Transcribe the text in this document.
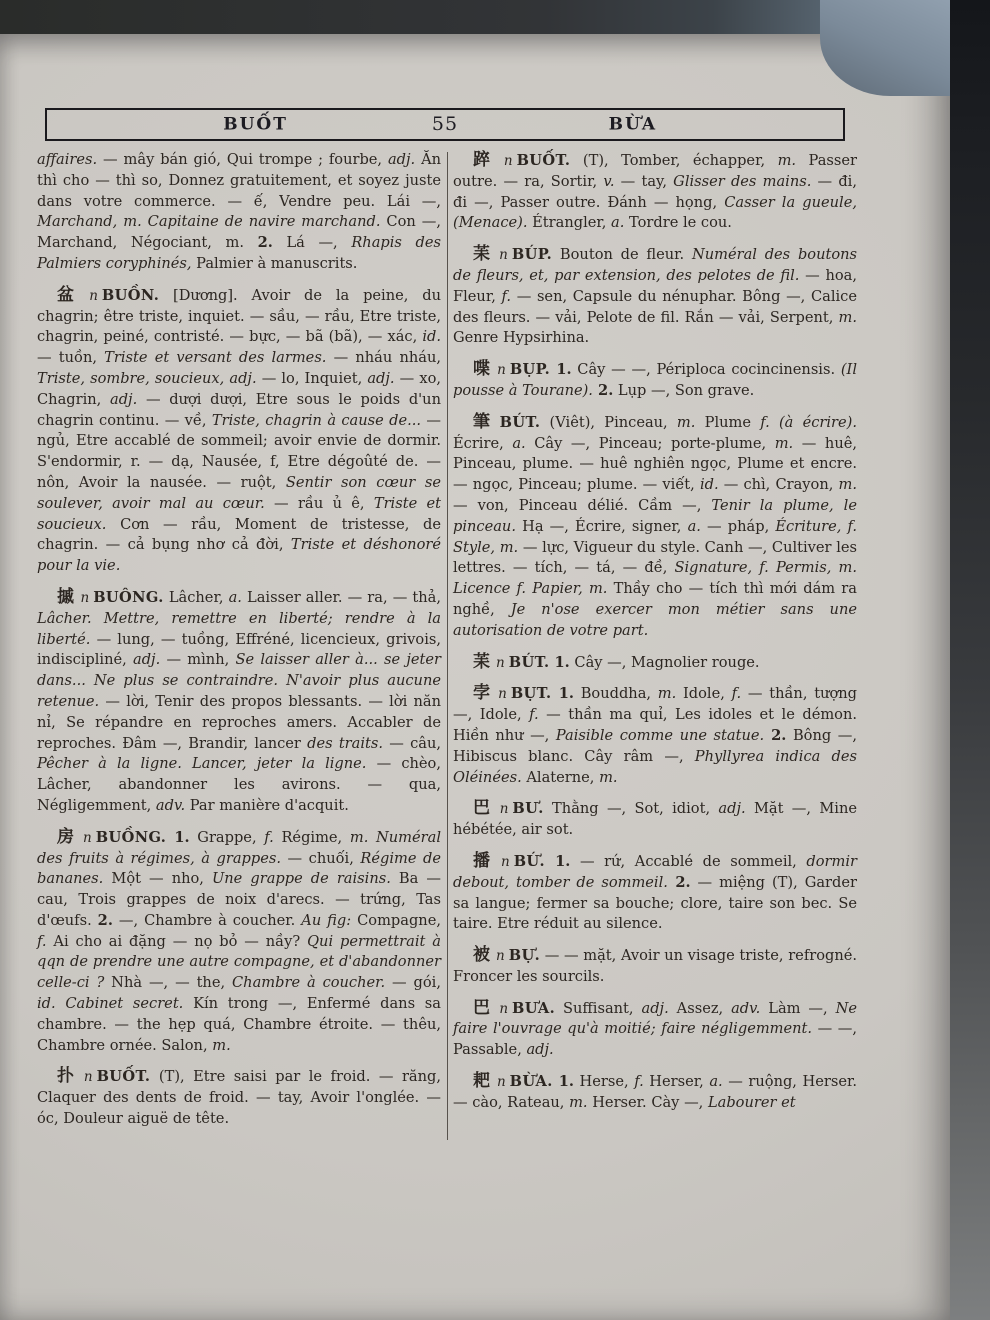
BUỐT	55	BỪA

affaires. — mây bán gió, Qui trompe ; fourbe, adj. Ăn thì cho — thì so, Donnez gratuitement, et soyez juste dans votre commerce. — ế, Vendre peu. Lái —, Marchand, m. Capitaine de navire marchand. Con —, Marchand, Négociant, m. 2. Lá —, Rhapis des Palmiers coryphinés, Palmier à manuscrits.

盆 n BUỒN. [Dương]. Avoir de la peine, du chagrin; être triste, inquiet. — sầu, — rầu, Etre triste, chagrin, peiné, contristé. — bực, — bã (bã), — xác, id. — tuồn, Triste et versant des larmes. — nháu nháu, Triste, sombre, soucieux, adj. — lo, Inquiet, adj. — xo, Chagrin, adj. — dượi dượi, Etre sous le poids d'un chagrin continu. — về, Triste, chagrin à cause de... — ngủ, Etre accablé de sommeil; avoir envie de dormir. S'endormir, r. — dạ, Nausée, f, Etre dégoûté de. — nôn, Avoir la nausée. — ruột, Sentir son cœur se soulever, avoir mal au cœur. — rầu ủ ê, Triste et soucieux. Cơn — rầu, Moment de tristesse, de chagrin. — cả bụng nhơ cả đời, Triste et déshonoré pour la vie.

摵 n BUÔNG. Lâcher, a. Laisser aller. — ra, — thả, Lâcher. Mettre, remettre en liberté; rendre à la liberté. — lung, — tuồng, Effréné, licencieux, grivois, indiscipliné, adj. — mình, Se laisser aller à... se jeter dans... Ne plus se contraindre. N'avoir plus aucune retenue. — lời, Tenir des propos blessants. — lời năn nỉ, Se répandre en reproches amers. Accabler de reproches. Đâm —, Brandir, lancer des traits. — câu, Pêcher à la ligne. Lancer, jeter la ligne. — chèo, Lâcher, abandonner les avirons. — qua, Négligemment, adv. Par manière d'acquit.

房 n BUỒNG. 1. Grappe, f. Régime, m. Numéral des fruits à régimes, à grappes. — chuối, Régime de bananes. Một — nho, Une grappe de raisins. Ba — cau, Trois grappes de noix d'arecs. — trứng, Tas d'œufs. 2. —, Chambre à coucher. Au fig: Compagne, f. Ai cho ai đặng — nọ bỏ — nầy? Qui permettrait à qqn de prendre une autre compagne, et d'abandonner celle-ci ? Nhà —, — the, Chambre à coucher. — gói, id. Cabinet secret. Kín trong —, Enfermé dans sa chambre. — the hẹp quá, Chambre étroite. — thêu, Chambre ornée. Salon, m.

扑 n BUỐT. (T), Etre saisi par le froid. — răng, Claquer des dents de froid. — tay, Avoir l'onglée. — óc, Douleur aiguë de tête.

踤 n BUỐT. (T), Tomber, échapper, m. Passer outre. — ra, Sortir, v. — tay, Glisser des mains. — đi, đi —, Passer outre. Đánh — họng, Casser la gueule, (Menace). Étrangler, a. Tordre le cou.

苿 n BÚP. Bouton de fleur. Numéral des boutons de fleurs, et, par extension, des pelotes de fil. — hoa, Fleur, f. — sen, Capsule du nénuphar. Bông —, Calice des fleurs. — vải, Pelote de fil. Rắn — vải, Serpent, m. Genre Hypsirhina.

喋 n BỤP. 1. Cây — —, Périploca cocincinensis. (Il pousse à Tourane). 2. Lụp —, Son grave.

筆 BÚT. (Viêt), Pinceau, m. Plume f. (à écrire). Écrire, a. Cây —, Pinceau; porte-plume, m. — huê, Pinceau, plume. — huê nghiên ngọc, Plume et encre. — ngọc, Pinceau; plume. — viết, id. — chì, Crayon, m. — von, Pinceau délié. Cầm —, Tenir la plume, le pinceau. Hạ —, Écrire, signer, a. — pháp, Écriture, f. Style, m. — lực, Vigueur du style. Canh —, Cultiver les lettres. — tích, — tá, — đề, Signature, f. Permis, m. Licence f. Papier, m. Thầy cho — tích thì mới dám ra nghề, Je n'ose exercer mon métier sans une autorisation de votre part.

苿 n BÚT. 1. Cây —, Magnolier rouge.

孛 n BỤT. 1. Bouddha, m. Idole, f. — thần, tượng —, Idole, f. — thần ma quỉ, Les idoles et le démon. Hiền như —, Paisible comme une statue. 2. Bông —, Hibiscus blanc. Cây râm —, Phyllyrea indica des Oléinées. Alaterne, m.

巴 n BƯ. Thằng —, Sot, idiot, adj. Mặt —, Mine hébétée, air sot.

播 n BỨ. 1. — rứ, Accablé de sommeil, dormir debout, tomber de sommeil. 2. — miệng (T), Garder sa langue; fermer sa bouche; clore, taire son bec. Se taire. Etre réduit au silence.

被 n BỰ. — — mặt, Avoir un visage triste, refrogné. Froncer les sourcils.

巴 n BƯA. Suffisant, adj. Assez, adv. Làm —, Ne faire l'ouvrage qu'à moitié; faire négligemment. — —, Passable, adj.

耙 n BỪA. 1. Herse, f. Herser, a. — ruộng, Herser. — cào, Rateau, m. Herser. Cày —, Labourer et
